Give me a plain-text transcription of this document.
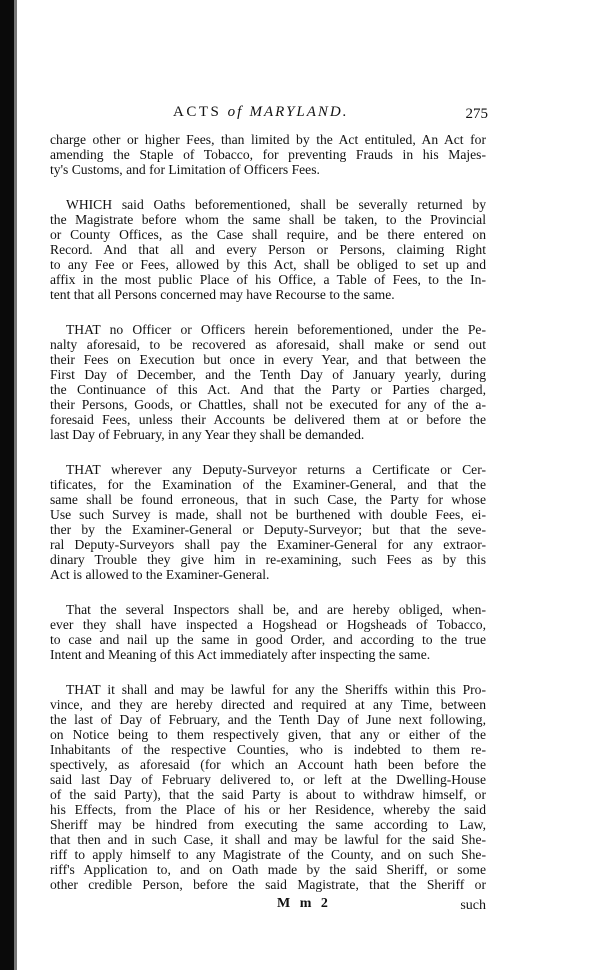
ACTS of MARYLAND.	275
charge other or higher Fees, than limited by the Act entituled, An Act for
amending the Staple of Tobacco, for preventing Frauds in his Majes-
ty's Customs, and for Limitation of Officers Fees.
WHICH said Oaths beforementioned, shall be severally returned by
the Magistrate before whom the same shall be taken, to the Provincial
or County Offices, as the Case shall require, and be there entered on
Record. And that all and every Person or Persons, claiming Right
to any Fee or Fees, allowed by this Act, shall be obliged to set up and
affix in the most public Place of his Office, a Table of Fees, to the In-
tent that all Persons concerned may have Recourse to the same.
THAT no Officer or Officers herein beforementioned, under the Pe-
nalty aforesaid, to be recovered as aforesaid, shall make or send out
their Fees on Execution but once in every Year, and that between the
First Day of December, and the Tenth Day of January yearly, during
the Continuance of this Act. And that the Party or Parties charged,
their Persons, Goods, or Chattles, shall not be executed for any of the a-
foresaid Fees, unless their Accounts be delivered them at or before the
last Day of February, in any Year they shall be demanded.
THAT wherever any Deputy-Surveyor returns a Certificate or Cer-
tificates, for the Examination of the Examiner-General, and that the
same shall be found erroneous, that in such Case, the Party for whose
Use such Survey is made, shall not be burthened with double Fees, ei-
ther by the Examiner-General or Deputy-Surveyor; but that the seve-
ral Deputy-Surveyors shall pay the Examiner-General for any extraor-
dinary Trouble they give him in re-examining, such Fees as by this
Act is allowed to the Examiner-General.
That the several Inspectors shall be, and are hereby obliged, when-
ever they shall have inspected a Hogshead or Hogsheads of Tobacco,
to case and nail up the same in good Order, and according to the true
Intent and Meaning of this Act immediately after inspecting the same.
THAT it shall and may be lawful for any the Sheriffs within this Pro-
vince, and they are hereby directed and required at any Time, between
the last of Day of February, and the Tenth Day of June next following,
on Notice being to them respectively given, that any or either of the
Inhabitants of the respective Counties, who is indebted to them re-
spectively, as aforesaid (for which an Account hath been before the
said last Day of February delivered to, or left at the Dwelling-House
of the said Party), that the said Party is about to withdraw himself, or
his Effects, from the Place of his or her Residence, whereby the said
Sheriff may be hindred from executing the same according to Law,
that then and in such Case, it shall and may be lawful for the said She-
riff to apply himself to any Magistrate of the County, and on such She-
riff's Application to, and on Oath made by the said Sheriff, or some
other credible Person, before the said Magistrate, that the Sheriff or
M m 2	such
